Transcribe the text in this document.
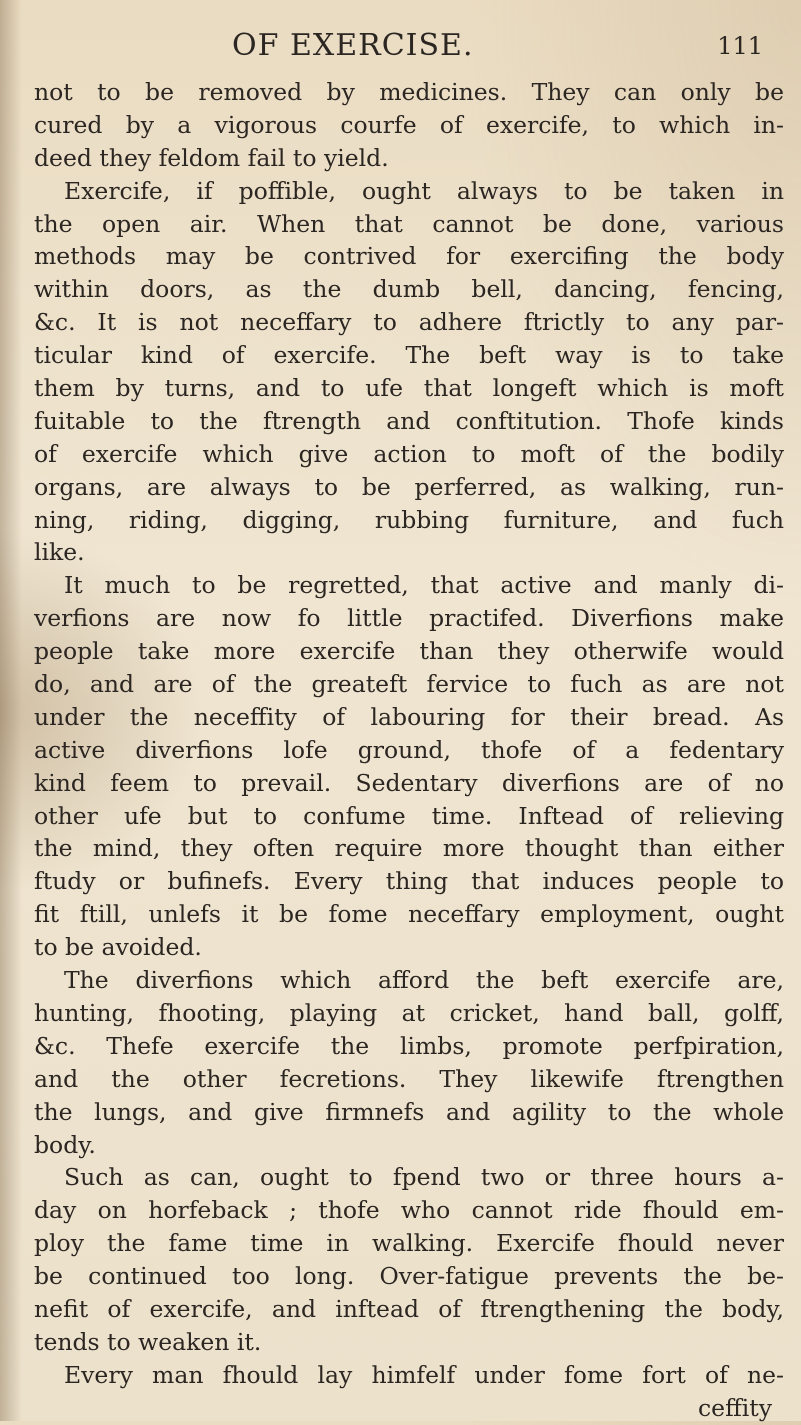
OF EXERCISE.	111
not to be removed by medicines. They can only be
cured by a vigorous courfe of exercife, to which in-
deed they feldom fail to yield.
Exercife, if poffible, ought always to be taken in
the open air. When that cannot be done, various
methods may be contrived for exercifing the body
within doors, as the dumb bell, dancing, fencing,
&c. It is not neceffary to adhere ftrictly to any par-
ticular kind of exercife. The beft way is to take
them by turns, and to ufe that longeft which is moft
fuitable to the ftrength and conftitution. Thofe kinds
of exercife which give action to moft of the bodily
organs, are always to be perferred, as walking, run-
ning, riding, digging, rubbing furniture, and fuch
like.
It much to be regretted, that active and manly di-
verfions are now fo little practifed. Diverfions make
people take more exercife than they otherwife would
do, and are of the greateft fervice to fuch as are not
under the neceffity of labouring for their bread. As
active diverfions lofe ground, thofe of a fedentary
kind feem to prevail. Sedentary diverfions are of no
other ufe but to confume time. Inftead of relieving
the mind, they often require more thought than either
ftudy or bufinefs. Every thing that induces people to
fit ftill, unlefs it be fome neceffary employment, ought
to be avoided.
The diverfions which afford the beft exercife are,
hunting, fhooting, playing at cricket, hand ball, golff,
&c. Thefe exercife the limbs, promote perfpiration,
and the other fecretions. They likewife ftrengthen
the lungs, and give firmnefs and agility to the whole
body.
Such as can, ought to fpend two or three hours a-
day on horfeback ; thofe who cannot ride fhould em-
ploy the fame time in walking. Exercife fhould never
be continued too long. Over-fatigue prevents the be-
nefit of exercife, and inftead of ftrengthening the body,
tends to weaken it.
Every man fhould lay himfelf under fome fort of ne-
ceffity
